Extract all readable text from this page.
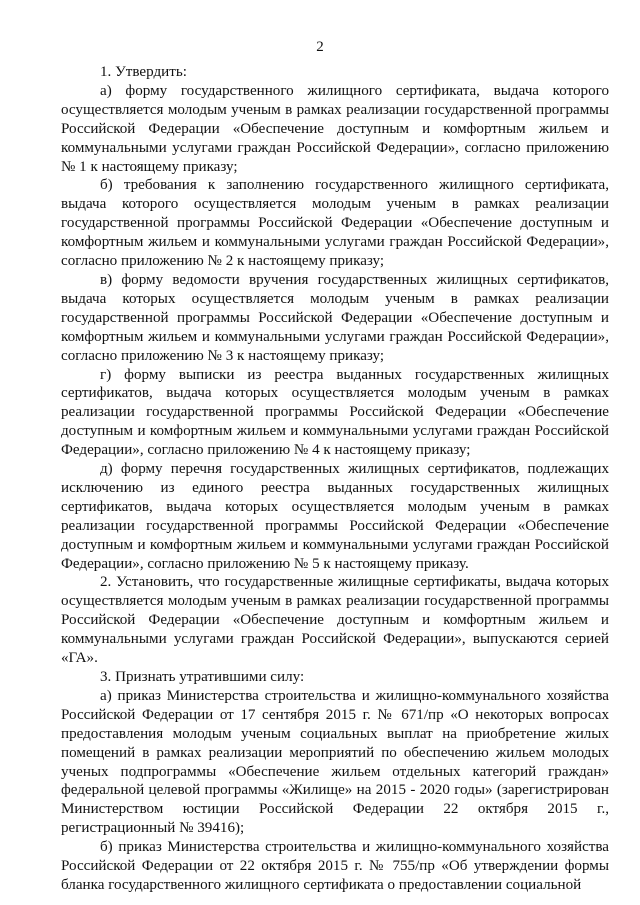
2

1. Утвердить:

а) форму государственного жилищного сертификата, выдача которого осуществляется молодым ученым в рамках реализации государственной программы Российской Федерации «Обеспечение доступным и комфортным жильем и коммунальными услугами граждан Российской Федерации», согласно приложению № 1 к настоящему приказу;

б) требования к заполнению государственного жилищного сертификата, выдача которого осуществляется молодым ученым в рамках реализации государственной программы Российской Федерации «Обеспечение доступным и комфортным жильем и коммунальными услугами граждан Российской Федерации», согласно приложению № 2 к настоящему приказу;

в) форму ведомости вручения государственных жилищных сертификатов, выдача которых осуществляется молодым ученым в рамках реализации государственной программы Российской Федерации «Обеспечение доступным и комфортным жильем и коммунальными услугами граждан Российской Федерации», согласно приложению № 3 к настоящему приказу;

г) форму выписки из реестра выданных государственных жилищных сертификатов, выдача которых осуществляется молодым ученым в рамках реализации государственной программы Российской Федерации «Обеспечение доступным и комфортным жильем и коммунальными услугами граждан Российской Федерации», согласно приложению № 4 к настоящему приказу;

д) форму перечня государственных жилищных сертификатов, подлежащих исключению из единого реестра выданных государственных жилищных сертификатов, выдача которых осуществляется молодым ученым в рамках реализации государственной программы Российской Федерации «Обеспечение доступным и комфортным жильем и коммунальными услугами граждан Российской Федерации», согласно приложению № 5 к настоящему приказу.

2. Установить, что государственные жилищные сертификаты, выдача которых осуществляется молодым ученым в рамках реализации государственной программы Российской Федерации «Обеспечение доступным и комфортным жильем и коммунальными услугами граждан Российской Федерации», выпускаются серией «ГА».

3. Признать утратившими силу:

а) приказ Министерства строительства и жилищно-коммунального хозяйства Российской Федерации от 17 сентября 2015 г. № 671/пр «О некоторых вопросах предоставления молодым ученым социальных выплат на приобретение жилых помещений в рамках реализации мероприятий по обеспечению жильем молодых ученых подпрограммы «Обеспечение жильем отдельных категорий граждан» федеральной целевой программы «Жилище» на 2015 - 2020 годы» (зарегистрирован Министерством юстиции Российской Федерации 22 октября 2015 г., регистрационный № 39416);

б) приказ Министерства строительства и жилищно-коммунального хозяйства Российской Федерации от 22 октября 2015 г. № 755/пр «Об утверждении формы бланка государственного жилищного сертификата о предоставлении социальной
